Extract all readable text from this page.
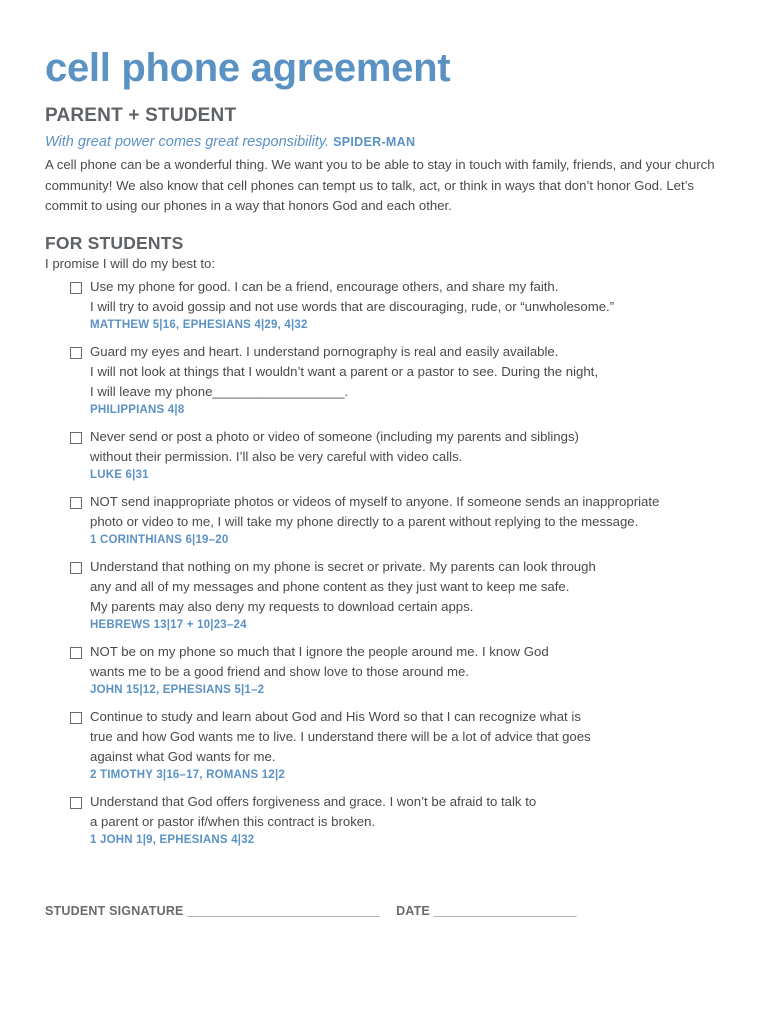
cell phone agreement
PARENT + STUDENT
With great power comes great responsibility. SPIDER-MAN
A cell phone can be a wonderful thing. We want you to be able to stay in touch with family, friends, and your church community! We also know that cell phones can tempt us to talk, act, or think in ways that don’t honor God. Let’s commit to using our phones in a way that honors God and each other.
FOR STUDENTS
I promise I will do my best to:
Use my phone for good. I can be a friend, encourage others, and share my faith.
I will try to avoid gossip and not use words that are discouraging, rude, or “unwholesome.”
MATTHEW 5|16, EPHESIANS 4|29, 4|32
Guard my eyes and heart. I understand pornography is real and easily available.
I will not look at things that I wouldn’t want a parent or a pastor to see. During the night,
I will leave my phone__________________.
PHILIPPIANS 4|8
Never send or post a photo or video of someone (including my parents and siblings)
without their permission. I’ll also be very careful with video calls.
LUKE 6|31
NOT send inappropriate photos or videos of myself to anyone. If someone sends an inappropriate
photo or video to me, I will take my phone directly to a parent without replying to the message.
1 CORINTHIANS 6|19–20
Understand that nothing on my phone is secret or private. My parents can look through
any and all of my messages and phone content as they just want to keep me safe.
My parents may also deny my requests to download certain apps.
HEBREWS 13|17 + 10|23–24
NOT be on my phone so much that I ignore the people around me. I know God
wants me to be a good friend and show love to those around me.
JOHN 15|12, EPHESIANS 5|1–2
Continue to study and learn about God and His Word so that I can recognize what is
true and how God wants me to live. I understand there will be a lot of advice that goes
against what God wants for me.
2 TIMOTHY 3|16–17, ROMANS 12|2
Understand that God offers forgiveness and grace. I won’t be afraid to talk to
a parent or pastor if/when this contract is broken.
1 JOHN 1|9, EPHESIANS 4|32
STUDENT SIGNATURE ___________________________ DATE ____________________
